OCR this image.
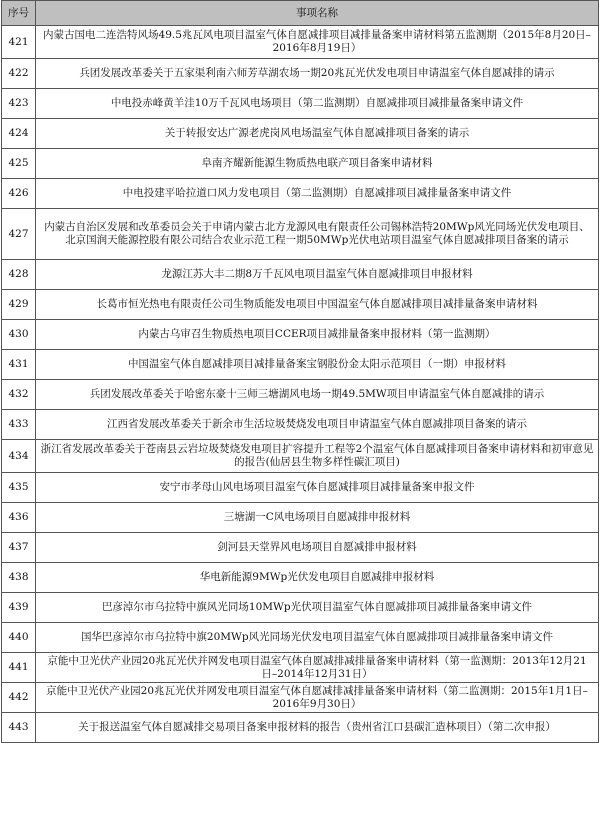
序号	事项名称
421	内蒙古国电二连浩特风场49.5兆瓦风电项目温室气体自愿减排项目减排量备案申请材料第五监测期（2015年8月20日–2016年8月19日）
422	兵团发展改革委关于五家渠利南六师芳草湖农场一期20兆瓦光伏发电项目申请温室气体自愿减排的请示
423	中电投赤峰黄羊洼10万千瓦风电场项目（第二监测期）自愿减排项目减排量备案申请文件
424	关于转报安达广源老虎岗风电场温室气体自愿减排项目备案的请示
425	阜南齐耀新能源生物质热电联产项目备案申请材料
426	中电投建平哈拉道口风力发电项目（第二监测期）自愿减排项目减排量备案申请文件
427	内蒙古自治区发展和改革委员会关于申请内蒙古北方龙源风电有限责任公司锡林浩特20MWp风光同场光伏发电项目、北京国润天能源控股有限公司结合农业示范工程一期50MWp光伏电站项目温室气体自愿减排项目备案的请示
428	龙源江苏大丰二期8万千瓦风电项目温室气体自愿减排项目申报材料
429	长葛市恒光热电有限责任公司生物质能发电项目中国温室气体自愿减排项目减排量备案申请材料
430	内蒙古乌审召生物质热电项目CCER项目减排量备案申报材料（第一监测期）
431	中国温室气体自愿减排项目减排量备案宝钢股份金太阳示范项目（一期）申报材料
432	兵团发展改革委关于哈密东豪十三师三塘湖风电场一期49.5MW项目申请温室气体自愿减排的请示
433	江西省发展改革委关于新余市生活垃圾焚烧发电项目申请温室气体自愿减排项目备案的请示
434	浙江省发展改革委关于苍南县云岩垃圾焚烧发电项目扩容提升工程等2个温室气体自愿减排项目备案申请材料和初审意见的报告(仙居县生物多样性碳汇项目)
435	安宁市孝母山风电场项目温室气体自愿减排项目减排量备案申报文件
436	三塘湖一C风电场项目自愿减排申报材料
437	剑河县天堂界风电场项目自愿减排申报材料
438	华电新能源9MWp光伏发电项目自愿减排申报材料
439	巴彦淖尔市乌拉特中旗风光同场10MWp光伏项目温室气体自愿减排项目减排量备案申请文件
440	国华巴彦淖尔市乌拉特中旗20MWp风光同场光伏发电项目温室气体自愿减排项目减排量备案申请文件
441	京能中卫光伏产业园20兆瓦光伏并网发电项目温室气体自愿减排减排量备案申请材料（第一监测期：2013年12月21日–2014年12月31日）
442	京能中卫光伏产业园20兆瓦光伏并网发电项目温室气体自愿减排减排量备案申请材料（第二监测期：2015年1月1日–2016年9月30日）
443	关于报送温室气体自愿减排交易项目备案申报材料的报告（贵州省江口县碳汇造林项目）（第二次申报）
